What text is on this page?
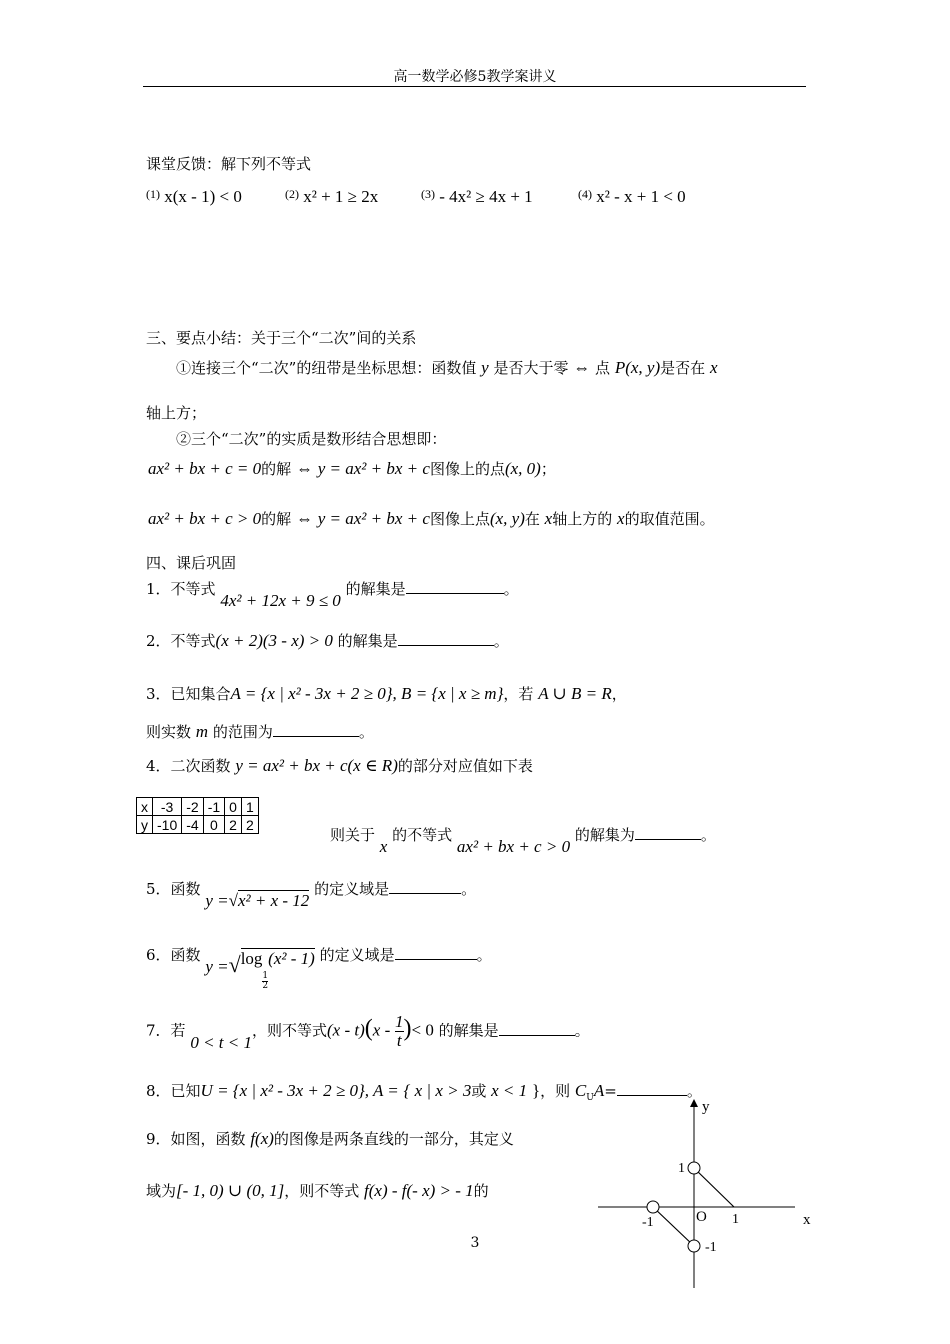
高一数学必修5教学案讲义
课堂反馈：解下列不等式
$^{(1)}$ x(x - 1) < 0	$^{(2)}$ x² + 1 ≥ 2x	$^{(3)}$ - 4x² ≥ 4x + 1	$^{(4)}$ x² - x + 1 < 0
三、要点小结：关于三个“二次”间的关系
①连接三个“二次”的纽带是坐标思想：函数值 y 是否大于零 ⇔ 点 P(x, y)是否在 x
轴上方；
②三个“二次”的实质是数形结合思想即：
ax² + bx + c = 0的解 ⇔ y = ax² + bx + c图像上的点(x, 0)；
ax² + bx + c > 0的解 ⇔ y = ax² + bx + c图像上点(x, y)在 x轴上方的 x的取值范围。
四、课后巩固
1．不等式 4x² + 12x + 9 ≤ 0 的解集是	。
2．不等式(x + 2)(3 - x) > 0 的解集是	。
3．已知集合A = {x | x² - 3x + 2 ≥ 0}, B = {x | x ≥ m}，若 A ∪ B = R，
则实数 m 的范围为	。
4．二次函数 y = ax² + bx + c(x ∈ R)的部分对应值如下表
x	-3	-2	-1	0	1
y	-10	-4	0	2	2
则关于 x 的不等式 ax² + bx + c > 0 的解集为	。
5．函数 y =√x² + x - 12 的定义域是	。
6．函数 y =√log
$\frac{1}{2}$
(x² - 1) 的定义域是	。
7．若 0 < t < 1，则不等式$(x - t)(x - \frac{1}{t}$ )< 0 的解集是	。
8．已知U = {x | x² - 3x + 2 ≥ 0}, A = { x | x > 3或 x < 1 }，则 $C_UA=$	。
9．如图，函数 f(x)的图像是两条直线的一部分，其定义
域为[- 1, 0) ∪ (0, 1]，则不等式 f(x) - f(- x) > - 1的
y
x
O
1
-1	1
-1
3
